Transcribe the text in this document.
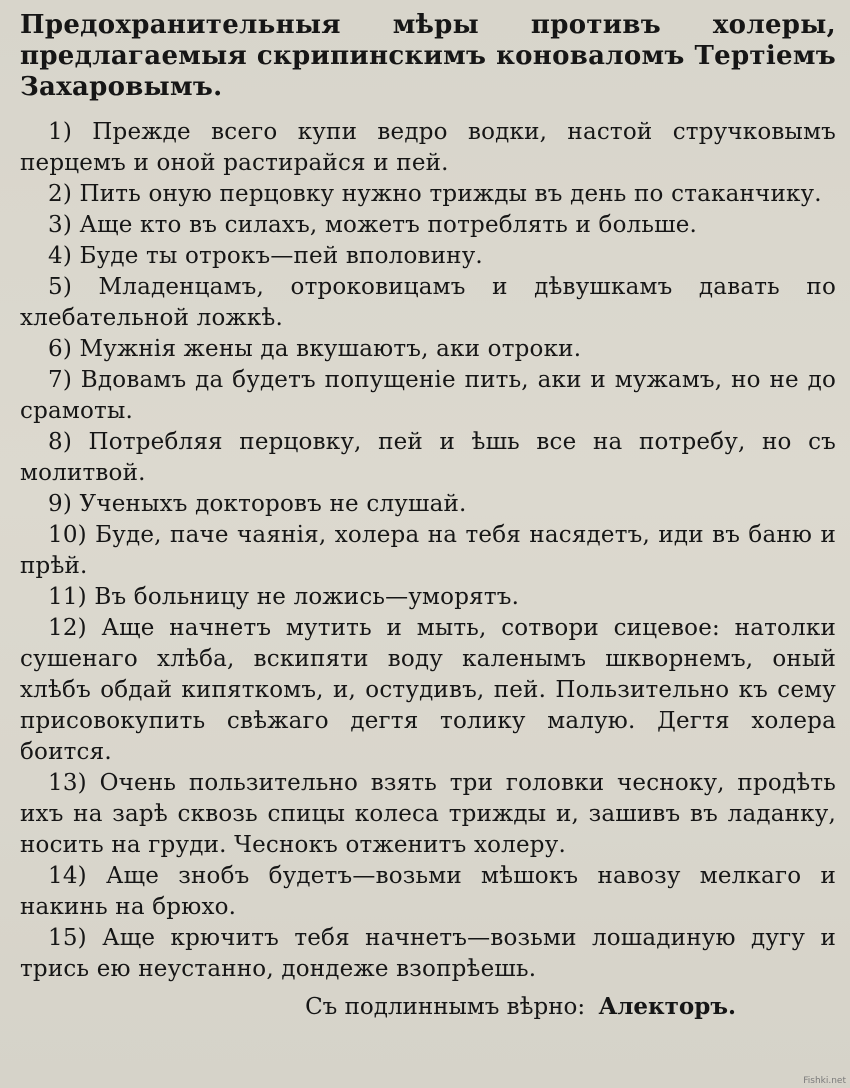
Предохранительныя мѣры противъ холеры, предлагаемыя скрипинскимъ коноваломъ Тертіемъ Захаровымъ.

1) Прежде всего купи ведро водки, настой стручковымъ перцемъ и оной растирайся и пей.

2) Пить оную перцовку нужно трижды въ день по стаканчику.

3) Аще кто въ силахъ, можетъ потреблять и больше.

4) Буде ты отрокъ—пей вполовину.

5) Младенцамъ, отроковицамъ и дѣвушкамъ давать по хлебательной ложкѣ.

6) Мужнія жены да вкушаютъ, аки отроки.

7) Вдовамъ да будетъ попущеніе пить, аки и мужамъ, но не до срамоты.

8) Потребляя перцовку, пей и ѣшь все на потребу, но съ молитвой.

9) Ученыхъ докторовъ не слушай.

10) Буде, паче чаянія, холера на тебя насядетъ, иди въ баню и прѣй.

11) Въ больницу не ложись—уморятъ.

12) Аще начнетъ мутить и мыть, сотвори сицевое: натолки сушенаго хлѣба, вскипяти воду каленымъ шкворнемъ, оный хлѣбъ обдай кипяткомъ, и, остудивъ, пей. Пользительно къ сему присовокупить свѣжаго дегтя толику малую. Дегтя холера боится.

13) Очень пользительно взять три головки чесноку, продѣть ихъ на зарѣ сквозь спицы колеса трижды и, зашивъ въ ладанку, носить на груди. Чеснокъ отженитъ холеру.

14) Аще знобъ будетъ—возьми мѣшокъ навозу мелкаго и накинь на брюхо.

15) Аще крючитъ тебя начнетъ—возьми лошадиную дугу и трись ею неустанно, дондеже взопрѣешь.

Съ подлиннымъ вѣрно: Алекторъ.
Fishki.net
